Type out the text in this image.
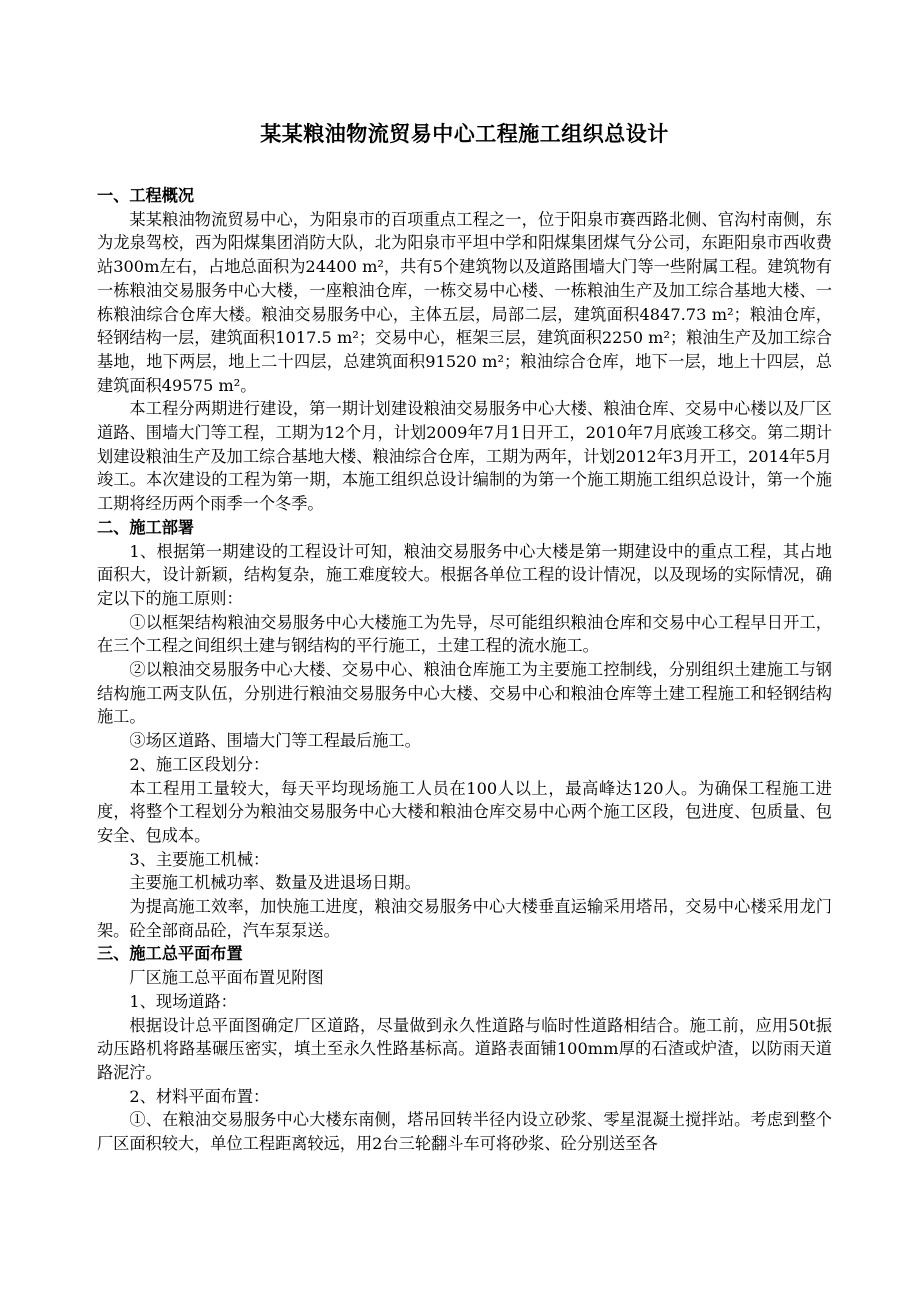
某某粮油物流贸易中心工程施工组织总设计
一、工程概况

某某粮油物流贸易中心，为阳泉市的百项重点工程之一，位于阳泉市赛西路北侧、官沟村南侧，东为龙泉驾校，西为阳煤集团消防大队，北为阳泉市平坦中学和阳煤集团煤气分公司，东距阳泉市西收费站300m左右，占地总面积为24400 m²，共有5个建筑物以及道路围墙大门等一些附属工程。建筑物有一栋粮油交易服务中心大楼，一座粮油仓库，一栋交易中心楼、一栋粮油生产及加工综合基地大楼、一栋粮油综合仓库大楼。粮油交易服务中心，主体五层，局部二层，建筑面积4847.73 m²；粮油仓库，轻钢结构一层，建筑面积1017.5 m²；交易中心，框架三层，建筑面积2250 m²；粮油生产及加工综合基地，地下两层，地上二十四层，总建筑面积91520 m²；粮油综合仓库，地下一层，地上十四层，总建筑面积49575 m²。

本工程分两期进行建设，第一期计划建设粮油交易服务中心大楼、粮油仓库、交易中心楼以及厂区道路、围墙大门等工程，工期为12个月，计划2009年7月1日开工，2010年7月底竣工移交。第二期计划建设粮油生产及加工综合基地大楼、粮油综合仓库，工期为两年，计划2012年3月开工，2014年5月竣工。本次建设的工程为第一期，本施工组织总设计编制的为第一个施工期施工组织总设计，第一个施工期将经历两个雨季一个冬季。

二、施工部署

1、根据第一期建设的工程设计可知，粮油交易服务中心大楼是第一期建设中的重点工程，其占地面积大，设计新颖，结构复杂，施工难度较大。根据各单位工程的设计情况，以及现场的实际情况，确定以下的施工原则：

①以框架结构粮油交易服务中心大楼施工为先导，尽可能组织粮油仓库和交易中心工程早日开工，在三个工程之间组织土建与钢结构的平行施工，土建工程的流水施工。

②以粮油交易服务中心大楼、交易中心、粮油仓库施工为主要施工控制线，分别组织土建施工与钢结构施工两支队伍，分别进行粮油交易服务中心大楼、交易中心和粮油仓库等土建工程施工和轻钢结构施工。

③场区道路、围墙大门等工程最后施工。

2、施工区段划分：

本工程用工量较大，每天平均现场施工人员在100人以上，最高峰达120人。为确保工程施工进度，将整个工程划分为粮油交易服务中心大楼和粮油仓库交易中心两个施工区段，包进度、包质量、包安全、包成本。

3、主要施工机械：

主要施工机械功率、数量及进退场日期。

为提高施工效率，加快施工进度，粮油交易服务中心大楼垂直运输采用塔吊，交易中心楼采用龙门架。砼全部商品砼，汽车泵泵送。

三、施工总平面布置

厂区施工总平面布置见附图

1、现场道路：

根据设计总平面图确定厂区道路，尽量做到永久性道路与临时性道路相结合。施工前，应用50t振动压路机将路基碾压密实，填土至永久性路基标高。道路表面铺100mm厚的石渣或炉渣，以防雨天道路泥泞。

2、材料平面布置：

①、在粮油交易服务中心大楼东南侧，塔吊回转半径内设立砂浆、零星混凝土搅拌站。考虑到整个厂区面积较大，单位工程距离较远，用2台三轮翻斗车可将砂浆、砼分别送至各
